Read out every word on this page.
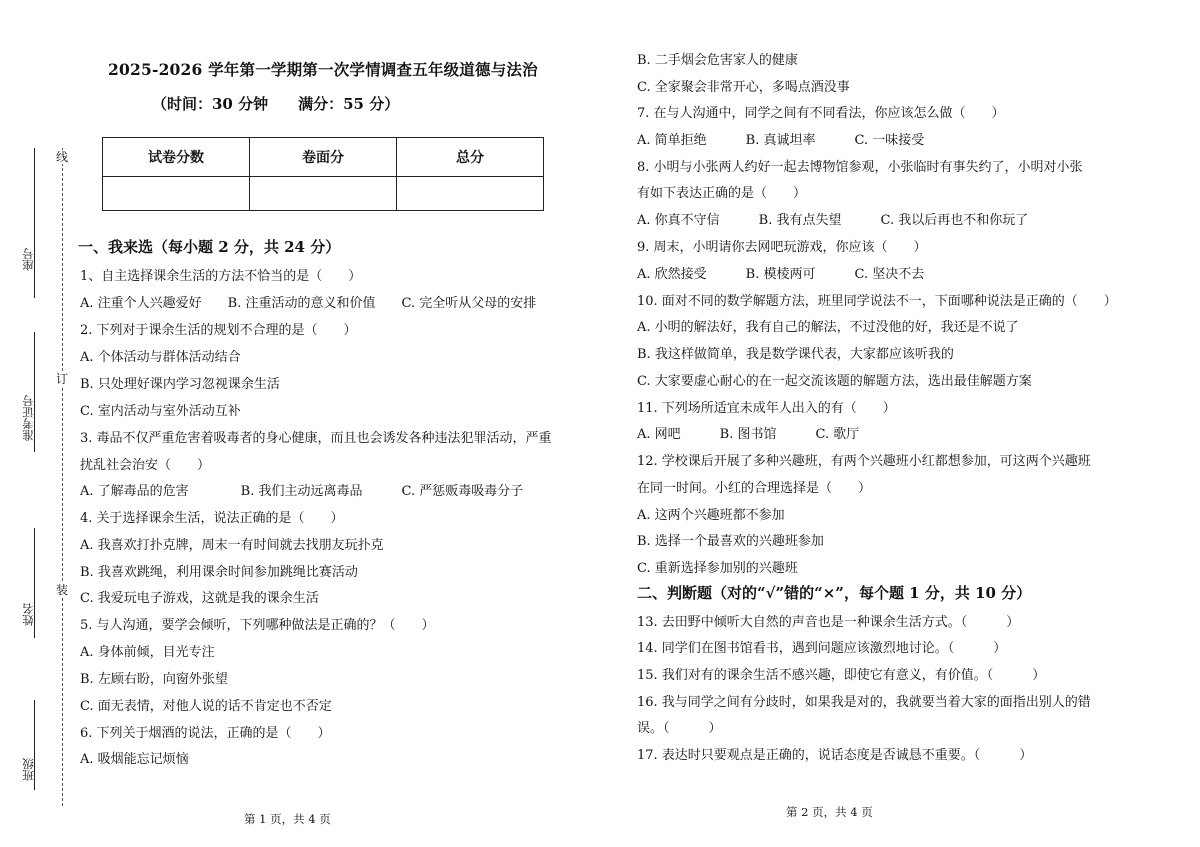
线
订
装
座号
准考证号
姓名
班级
2025-2026 学年第一学期第一次学情调查五年级道德与法治
（时间：30 分钟　　满分：55 分）
试卷分数	卷面分	总分

一、我来选（每小题 2 分，共 24 分）
1、自主选择课余生活的方法不恰当的是（　　）
A. 注重个人兴趣爱好　　B. 注重活动的意义和价值　　C. 完全听从父母的安排
2. 下列对于课余生活的规划不合理的是（　　）
A. 个体活动与群体活动结合
B. 只处理好课内学习忽视课余生活
C. 室内活动与室外活动互补
3. 毒品不仅严重危害着吸毒者的身心健康，而且也会诱发各种违法犯罪活动，严重
扰乱社会治安（　　）
A. 了解毒品的危害　　　　B. 我们主动远离毒品　　　C. 严惩贩毒吸毒分子
4. 关于选择课余生活，说法正确的是（　　）
A. 我喜欢打扑克牌，周末一有时间就去找朋友玩扑克
B. 我喜欢跳绳，利用课余时间参加跳绳比赛活动
C. 我爱玩电子游戏，这就是我的课余生活
5. 与人沟通，要学会倾听，下列哪种做法是正确的？（　　）
A. 身体前倾，目光专注
B. 左顾右盼，向窗外张望
C. 面无表情，对他人说的话不肯定也不否定
6. 下列关于烟酒的说法，正确的是（　　）
A. 吸烟能忘记烦恼
第 1 页，共 4 页
B. 二手烟会危害家人的健康
C. 全家聚会非常开心，多喝点酒没事
7. 在与人沟通中，同学之间有不同看法，你应该怎么做（　　）
A. 简单拒绝　　　B. 真诚坦率　　　C. 一味接受
8. 小明与小张两人约好一起去博物馆参观，小张临时有事失约了，小明对小张
有如下表达正确的是（　　）
A. 你真不守信　　　B. 我有点失望　　　C. 我以后再也不和你玩了
9. 周末，小明请你去网吧玩游戏，你应该（　　）
A. 欣然接受　　　B. 模棱两可　　　C. 坚决不去
10. 面对不同的数学解题方法，班里同学说法不一，下面哪种说法是正确的（　　）
A. 小明的解法好，我有自己的解法，不过没他的好，我还是不说了
B. 我这样做简单，我是数学课代表，大家都应该听我的
C. 大家要虚心耐心的在一起交流该题的解题方法，选出最佳解题方案
11. 下列场所适宜未成年人出入的有（　　）
A. 网吧　　　B. 图书馆　　　C. 歌厅
12. 学校课后开展了多种兴趣班，有两个兴趣班小红都想参加，可这两个兴趣班
在同一时间。小红的合理选择是（　　）
A. 这两个兴趣班都不参加
B. 选择一个最喜欢的兴趣班参加
C. 重新选择参加别的兴趣班
二、判断题（对的“√”错的“×”，每个题 1 分，共 10 分）
13. 去田野中倾听大自然的声音也是一种课余生活方式。（　　　）
14. 同学们在图书馆看书，遇到问题应该激烈地讨论。（　　　）
15. 我们对有的课余生活不感兴趣，即使它有意义，有价值。（　　　）
16. 我与同学之间有分歧时，如果我是对的，我就要当着大家的面指出别人的错
误。（　　　）
17. 表达时只要观点是正确的，说话态度是否诚恳不重要。（　　　）
第 2 页，共 4 页
